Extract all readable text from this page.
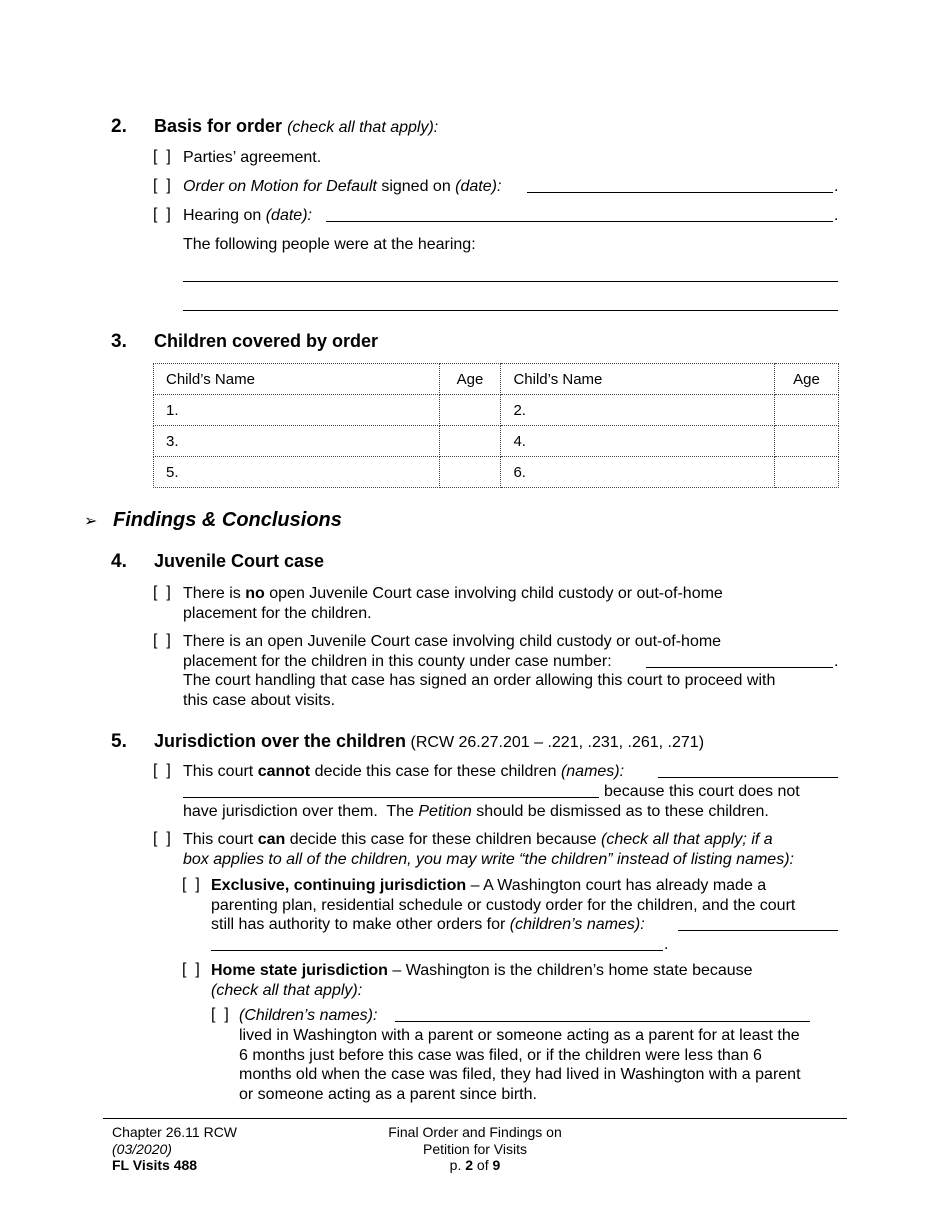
2. Basis for order (check all that apply):
[  ] Parties’ agreement.
[  ] Order on Motion for Default signed on (date):	.
[  ] Hearing on (date):	.
The following people were at the hearing:
3. Children covered by order
Child’s Name	Age	Child’s Name	Age
1.		2.	
3.		4.	
5.		6.	
➢ Findings & Conclusions
4. Juvenile Court case
[  ] There is no open Juvenile Court case involving child custody or out-of-home
placement for the children.
[  ] There is an open Juvenile Court case involving child custody or out-of-home
placement for the children in this county under case number:
The court handling that case has signed an order allowing this court to proceed with
this case about visits.
.
5. Jurisdiction over the children (RCW 26.27.201 – .221, .231, .261, .271)
[  ] This court cannot decide this case for these children (names):
because this court does not
have jurisdiction over them.  The Petition should be dismissed as to these children.
[  ] This court can decide this case for these children because (check all that apply; if a
box applies to all of the children, you may write “the children” instead of listing names):
[  ] Exclusive, continuing jurisdiction – A Washington court has already made a
parenting plan, residential schedule or custody order for the children, and the court
still has authority to make other orders for (children’s names):
.
[  ] Home state jurisdiction – Washington is the children’s home state because
(check all that apply):
[  ] (Children’s names):
lived in Washington with a parent or someone acting as a parent for at least the
6 months just before this case was filed, or if the children were less than 6
months old when the case was filed, they had lived in Washington with a parent
or someone acting as a parent since birth.
Chapter 26.11 RCW
(03/2020)
FL Visits 488
Final Order and Findings on
Petition for Visits
p. 2 of 9
